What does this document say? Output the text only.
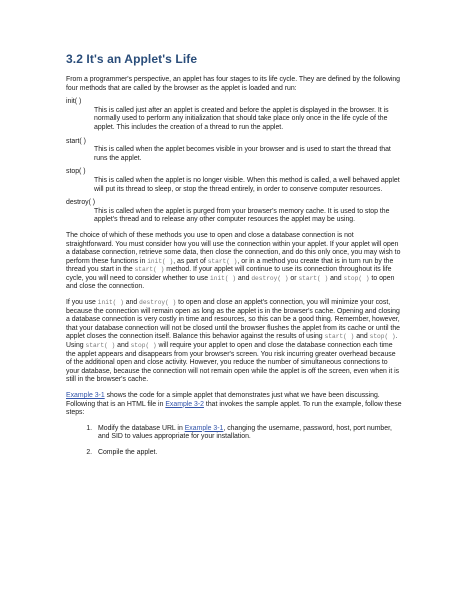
3.2 It's an Applet's Life

From a programmer's perspective, an applet has four stages to its life cycle. They are defined by the following four methods that are called by the browser as the applet is loaded and run:

init( )

This is called just after an applet is created and before the applet is displayed in the browser. It is normally used to perform any initialization that should take place only once in the life cycle of the applet. This includes the creation of a thread to run the applet.

start( )

This is called when the applet becomes visible in your browser and is used to start the thread that runs the applet.

stop( )

This is called when the applet is no longer visible. When this method is called, a well behaved applet will put its thread to sleep, or stop the thread entirely, in order to conserve computer resources.

destroy( )

This is called when the applet is purged from your browser's memory cache. It is used to stop the applet's thread and to release any other computer resources the applet may be using.

The choice of which of these methods you use to open and close a database connection is not straightforward. You must consider how you will use the connection within your applet. If your applet will open a database connection, retrieve some data, then close the connection, and do this only once, you may wish to perform these functions in init( ), as part of start( ), or in a method you create that is in turn run by the thread you start in the start( ) method. If your applet will continue to use its connection throughout its life cycle, you will need to consider whether to use init( ) and destroy( ) or start( ) and stop( ) to open and close the connection.

If you use init( ) and destroy( ) to open and close an applet's connection, you will minimize your cost, because the connection will remain open as long as the applet is in the browser's cache. Opening and closing a database connection is very costly in time and resources, so this can be a good thing. Remember, however, that your database connection will not be closed until the browser flushes the applet from its cache or until the applet closes the connection itself. Balance this behavior against the results of using start( ) and stop( ). Using start( ) and stop( ) will require your applet to open and close the database connection each time the applet appears and disappears from your browser's screen. You risk incurring greater overhead because of the additional open and close activity. However, you reduce the number of simultaneous connections to your database, because the connection will not remain open while the applet is off the screen, even when it is still in the browser's cache.

Example 3-1 shows the code for a simple applet that demonstrates just what we have been discussing. Following that is an HTML file in Example 3-2 that invokes the sample applet. To run the example, follow these steps:

1. Modify the database URL in Example 3-1, changing the username, password, host, port number, and SID to values appropriate for your installation.
2. Compile the applet.
